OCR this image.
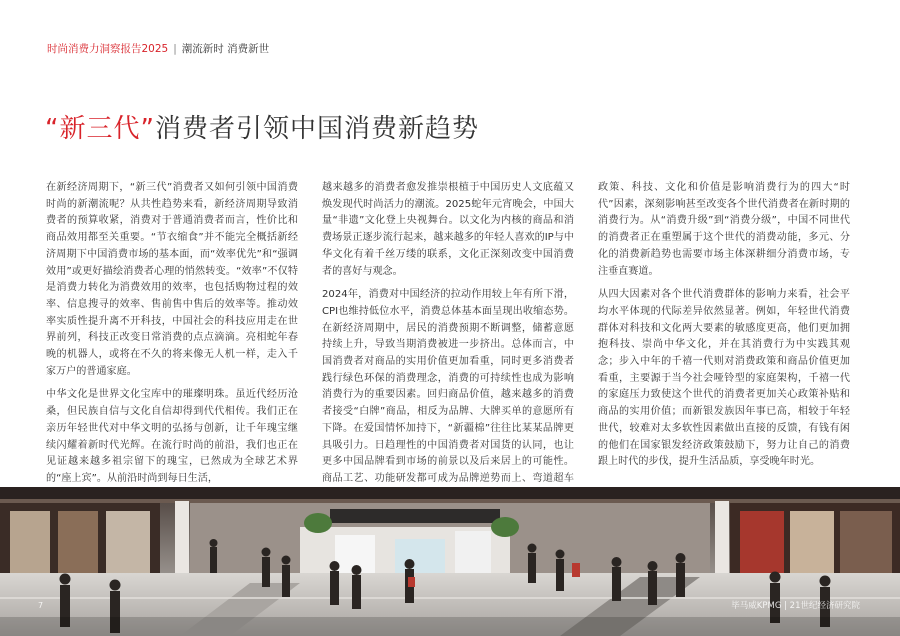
时尚消费力洞察报告2025 | 潮流新时 消费新世
“新三代”消费者引领中国消费新趋势

在新经济周期下，“新三代”消费者又如何引领中国消费时尚的新潮流呢？从共性趋势来看，新经济周期导致消费者的预算收紧，消费对于普通消费者而言，性价比和商品效用都至关重要。“节衣缩食”并不能完全概括新经济周期下中国消费市场的基本面，而“效率优先”和“强调效用”或更好描绘消费者心理的悄然转变。“效率”不仅特是消费力转化为消费效用的效率，也包括购物过程的效率、信息搜寻的效率、售前售中售后的效率等。推动效率实质性提升离不开科技，中国社会的科技应用走在世界前列，科技正改变日常消费的点点滴滴。亮相蛇年春晚的机器人，或将在不久的将来像无人机一样，走入千家万户的普通家庭。

中华文化是世界文化宝库中的璀璨明珠。虽近代经历沧桑，但民族自信与文化自信却得到代代相传。我们正在亲历年轻世代对中华文明的弘扬与创新，让千年瑰宝继续闪耀着新时代光辉。在流行时尚的前沿，我们也正在见证越来越多祖宗留下的瑰宝，已然成为全球艺术界的“座上宾”。从前沿时尚到每日生活，

越来越多的消费者愈发推崇根植于中国历史人文底蕴又焕发现代时尚活力的潮流。2025蛇年元宵晚会，中国大量“非遗”文化登上央视舞台。以文化为内核的商品和消费场景正逐步流行起来，越来越多的年轻人喜欢的IP与中华文化有着千丝万缕的联系，文化正深刻改变中国消费者的喜好与观念。

2024年，消费对中国经济的拉动作用较上年有所下滑，CPI也维持低位水平，消费总体基本面呈现出收缩态势。在新经济周期中，居民的消费预期不断调整，储蓄意愿持续上升，导致当期消费被进一步挤出。总体而言，中国消费者对商品的实用价值更加看重，同时更多消费者践行绿色环保的消费理念，消费的可持续性也成为影响消费行为的重要因素。回归商品价值，越来越多的消费者接受“白牌”商品，相反为品牌、大牌买单的意愿所有下降。在爱国情怀加持下，“新疆棉”往往比某某品牌更具吸引力。日趋理性的中国消费者对国货的认同，也让更多中国品牌看到市场的前景以及后来居上的可能性。商品工艺、功能研发都可成为品牌逆势而上、弯道超车

政策、科技、文化和价值是影响消费行为的四大“时代”因素，深刻影响甚至改变各个世代消费者在新时期的消费行为。从“消费升级”到“消费分级”，中国不同世代的消费者正在重塑属于这个世代的消费动能，多元、分化的消费新趋势也需要市场主体深耕细分消费市场，专注垂直赛道。

从四大因素对各个世代消费群体的影响力来看，社会平均水平体现的代际差异依然显著。例如，年轻世代消费群体对科技和文化两大要素的敏感度更高，他们更加拥抱科技、崇尚中华文化，并在其消费行为中实践其观念；步入中年的千禧一代则对消费政策和商品价值更加看重，主要源于当今社会哑铃型的家庭架构，千禧一代的家庭压力致使这个世代的消费者更加关心政策补贴和商品的实用价值；而新银发族因年事已高，相较于年轻世代，较难对太多软性因素做出直接的反馈，有钱有闲的他们在国家银发经济政策鼓励下，努力让自己的消费跟上时代的步伐，提升生活品质，享受晚年时光。

7	毕马威KPMG | 21世纪经济研究院
